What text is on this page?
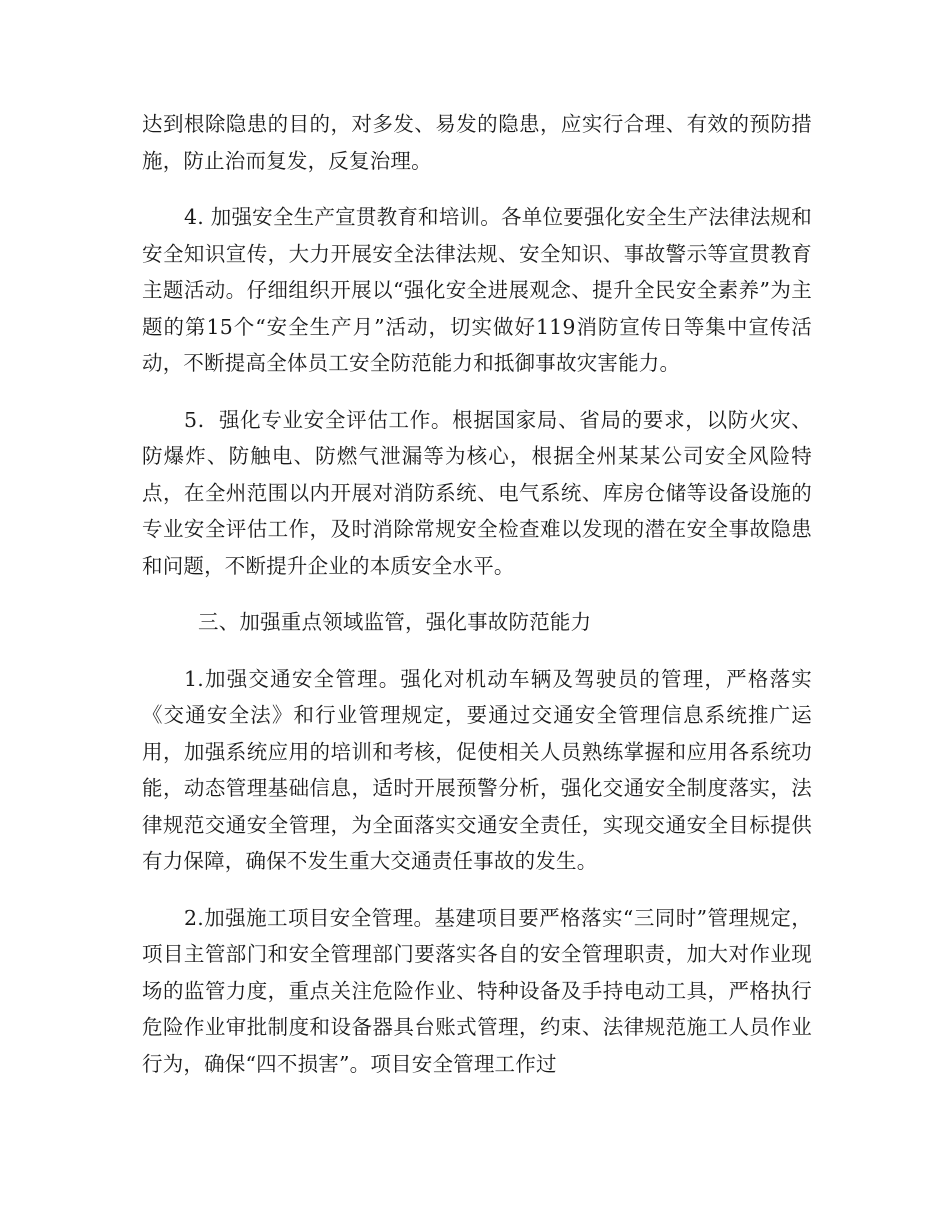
达到根除隐患的目的，对多发、易发的隐患，应实行合理、有效的预防措施，防止治而复发，反复治理。

4. 加强安全生产宣贯教育和培训。各单位要强化安全生产法律法规和安全知识宣传，大力开展安全法律法规、安全知识、事故警示等宣贯教育主题活动。仔细组织开展以“强化安全进展观念、提升全民安全素养”为主题的第15个“安全生产月”活动，切实做好119消防宣传日等集中宣传活动，不断提高全体员工安全防范能力和抵御事故灾害能力。

5．强化专业安全评估工作。根据国家局、省局的要求，以防火灾、防爆炸、防触电、防燃气泄漏等为核心，根据全州某某公司安全风险特点，在全州范围以内开展对消防系统、电气系统、库房仓储等设备设施的专业安全评估工作，及时消除常规安全检查难以发现的潜在安全事故隐患和问题，不断提升企业的本质安全水平。

三、加强重点领域监管，强化事故防范能力

1.加强交通安全管理。强化对机动车辆及驾驶员的管理，严格落实《交通安全法》和行业管理规定，要通过交通安全管理信息系统推广运用，加强系统应用的培训和考核，促使相关人员熟练掌握和应用各系统功能，动态管理基础信息，适时开展预警分析，强化交通安全制度落实，法律规范交通安全管理，为全面落实交通安全责任，实现交通安全目标提供有力保障，确保不发生重大交通责任事故的发生。

2.加强施工项目安全管理。基建项目要严格落实“三同时”管理规定，项目主管部门和安全管理部门要落实各自的安全管理职责，加大对作业现场的监管力度，重点关注危险作业、特种设备及手持电动工具，严格执行危险作业审批制度和设备器具台账式管理，约束、法律规范施工人员作业行为，确保“四不损害”。项目安全管理工作过
